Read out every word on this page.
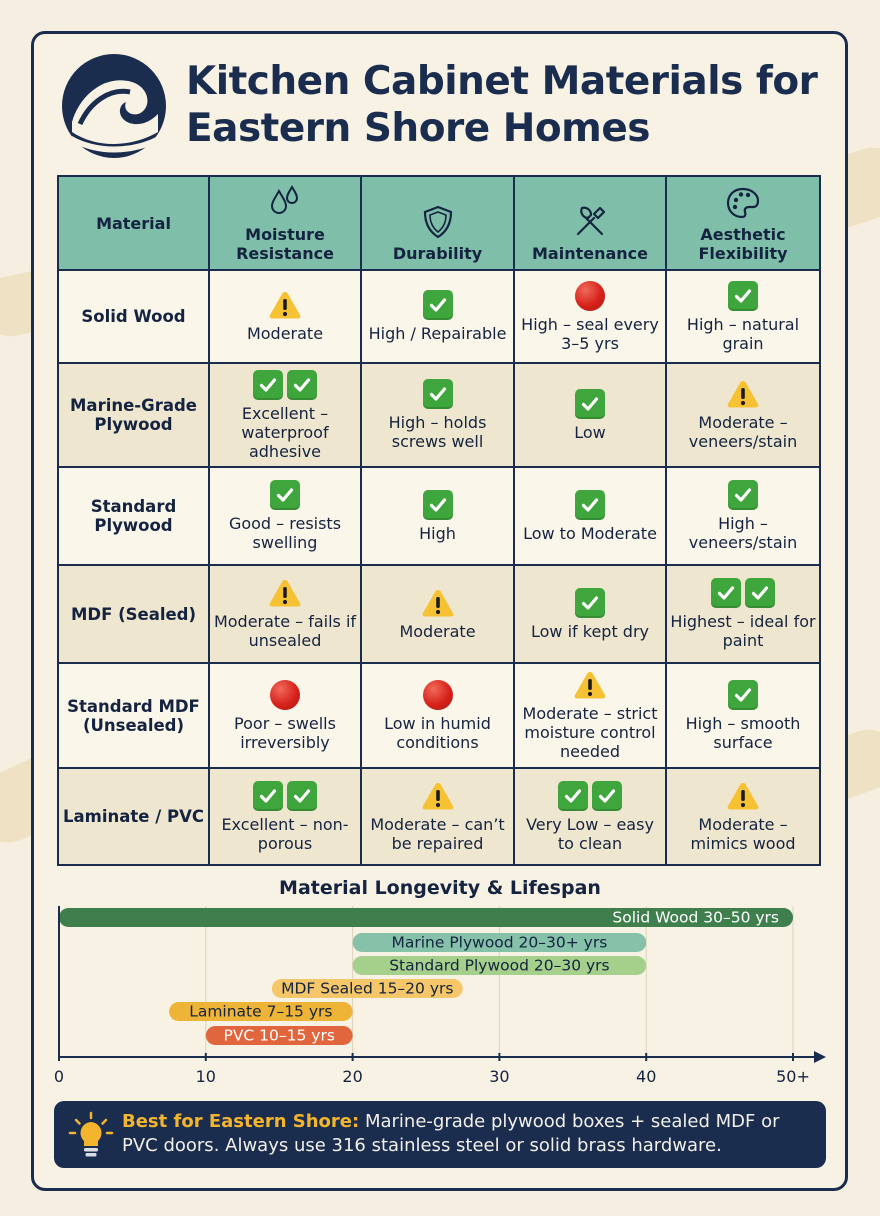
Kitchen Cabinet Materials for Eastern Shore Homes
Material	Moisture Resistance	Durability	Maintenance	Aesthetic Flexibility
Solid Wood	Moderate	High / Repairable	High – seal every 3–5 yrs	High – natural grain

Marine-Grade Plywood	Excellent – waterproof adhesive	High – holds screws well	Low	Moderate – veneers/stain

Standard Plywood	Good – resists swelling	High	Low to Moderate	High – veneers/stain

MDF (Sealed)	Moderate – fails if unsealed	Moderate	Low if kept dry	Highest – ideal for paint

Standard MDF (Unsealed)	Poor – swells irreversibly	Low in humid conditions	Moderate – strict moisture control needed	High – smooth surface

Laminate / PVC	Excellent – non-porous	Moderate – can’t be repaired	Very Low – easy to clean	Moderate – mimics wood
Material Longevity & Lifespan
Solid Wood 30–50 yrs
Marine Plywood 20–30+ yrs
Standard Plywood 20–30 yrs
MDF Sealed 15–20 yrs
Laminate 7–15 yrs
PVC 10–15 yrs
0	10	20	30	40	50+
Best for Eastern Shore: Marine-grade plywood boxes + sealed MDF or PVC doors. Always use 316 stainless steel or solid brass hardware.
